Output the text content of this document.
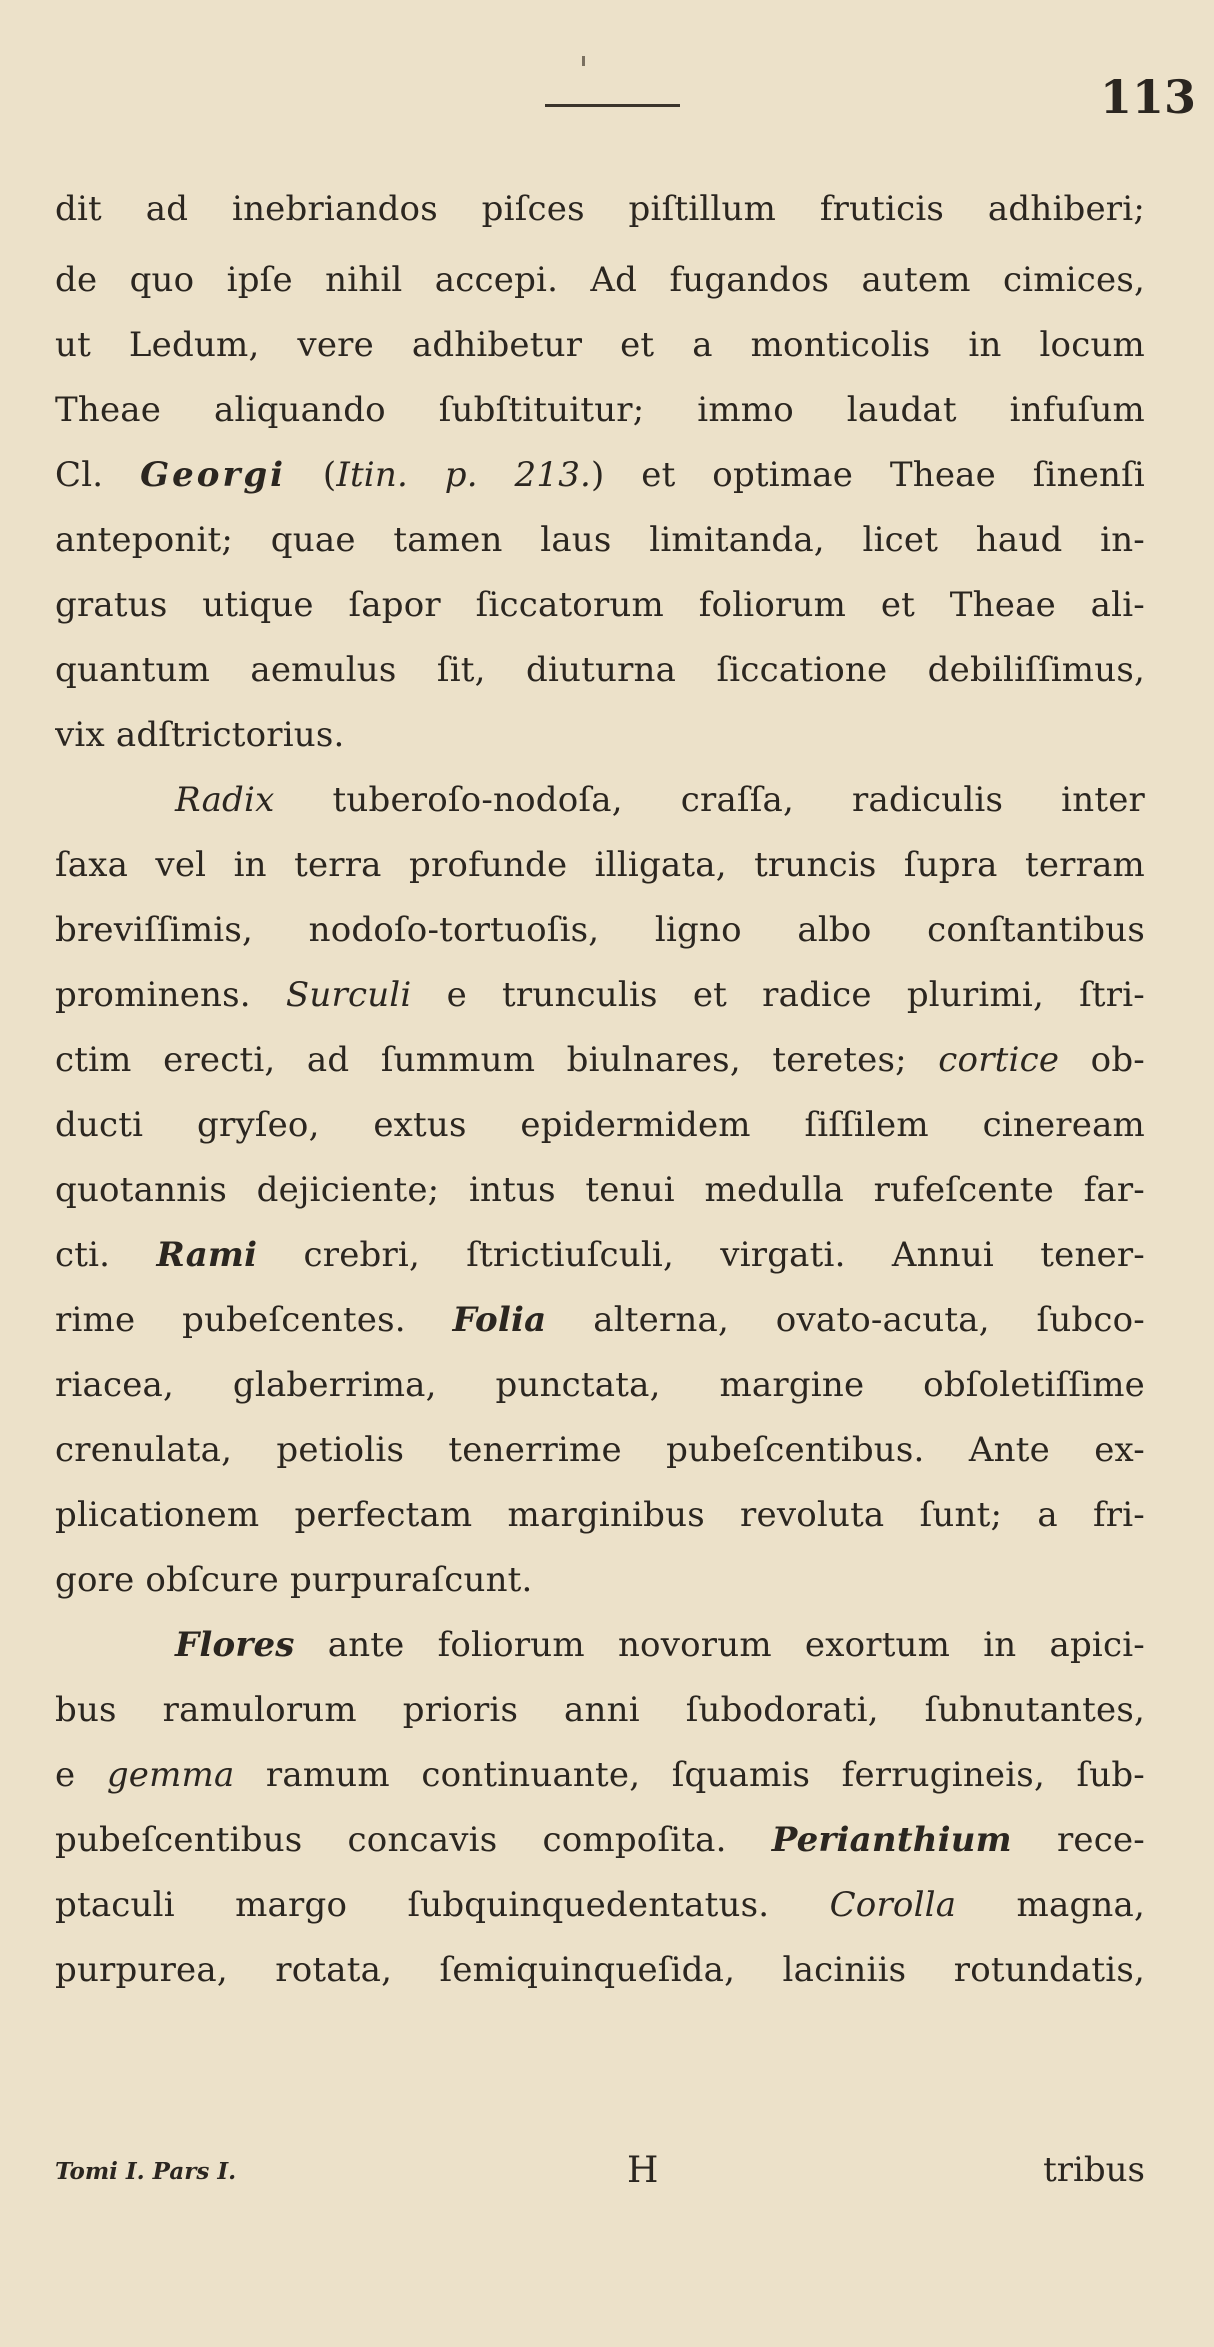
113
dit ad inebriandos piſces piſtillum fruticis adhiberi;
de quo ipſe nihil accepi. Ad fugandos autem cimices,
ut Ledum, vere adhibetur et a monticolis in locum
Theae aliquando ſubſtituitur; immo laudat infuſum
Cl. Georgi (Itin. p. 213.) et optimae Theae ſinenſi
anteponit; quae tamen laus limitanda, licet haud in-
gratus utique ſapor ſiccatorum foliorum et Theae ali-
quantum aemulus ſit, diuturna ſiccatione debiliſſimus,
vix adſtrictorius.
Radix tuberoſo-nodoſa, craſſa, radiculis inter
ſaxa vel in terra profunde illigata, truncis ſupra terram
breviſſimis, nodoſo-tortuoſis, ligno albo conſtantibus
prominens. Surculi e trunculis et radice plurimi, ſtri-
ctim erecti, ad ſummum biulnares, teretes; cortice ob-
ducti gryſeo, extus epidermidem ſiſſilem cineream
quotannis dejiciente; intus tenui medulla rufeſcente far-
cti. Rami crebri, ſtrictiuſculi, virgati. Annui tener-
rime pubeſcentes. Folia alterna, ovato-acuta, ſubco-
riacea, glaberrima, punctata, margine obſoletiſſime
crenulata, petiolis tenerrime pubeſcentibus. Ante ex-
plicationem perfectam marginibus revoluta ſunt; a fri-
gore obſcure purpuraſcunt.
Flores ante foliorum novorum exortum in apici-
bus ramulorum prioris anni ſubodorati, ſubnutantes,
e gemma ramum continuante, ſquamis ferrugineis, ſub-
pubeſcentibus concavis compoſita. Perianthium rece-
ptaculi margo ſubquinquedentatus. Corolla magna,
purpurea, rotata, ſemiquinqueſida, laciniis rotundatis,
Tomi I. Pars I.	H	tribus
